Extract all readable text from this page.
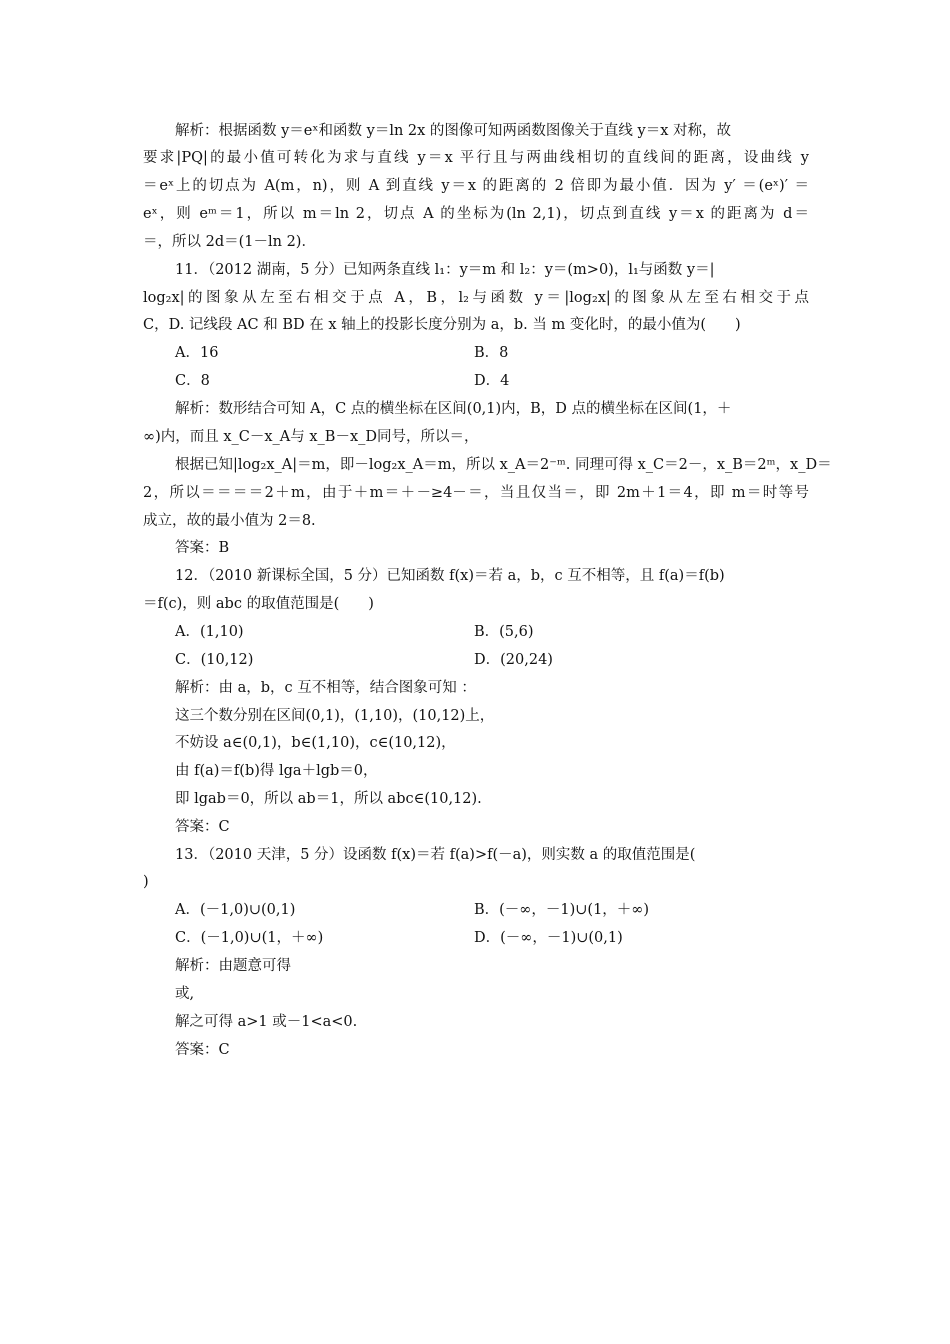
解析：根据函数 y＝eˣ和函数 y＝ln 2x 的图像可知两函数图像关于直线 y＝x 对称，故
要求|PQ|的最小值可转化为求与直线 y＝x 平行且与两曲线相切的直线间的距离，设曲线 y
＝eˣ上的切点为 A(m，n)，则 A 到直线 y＝x 的距离的 2 倍即为最小值．因为 y′ ＝(eˣ)′ ＝
eˣ，则 eᵐ＝1，所以 m＝ln 2，切点 A 的坐标为(ln 2,1)，切点到直线 y＝x 的距离为 d＝
＝，所以 2d＝(1－ln 2)．
11．（2012 湖南，5 分）已知两条直线 l₁：y＝m 和 l₂：y＝(m>0)，l₁与函数 y＝|
log₂x|的图象从左至右相交于点 A，B，l₂与函数 y＝|log₂x|的图象从左至右相交于点
C，D. 记线段 AC 和 BD 在 x 轴上的投影长度分别为 a，b. 当 m 变化时，的最小值为(　　)
A．16	B．8
C．8	D．4
解析：数形结合可知 A，C 点的横坐标在区间(0,1)内，B，D 点的横坐标在区间(1，＋
∞)内，而且 x_C－x_A与 x_B－x_D同号，所以＝，
根据已知|log₂x_A|＝m，即－log₂x_A＝m，所以 x_A＝2⁻ᵐ. 同理可得 x_C＝2－，x_B＝2ᵐ，x_D＝
2，所以＝＝＝＝2＋m，由于＋m＝＋－≥4－＝，当且仅当＝，即 2m＋1＝4，即 m＝时等号
成立，故的最小值为 2＝8.
答案：B
12．（2010 新课标全国，5 分）已知函数 f(x)＝若 a，b，c 互不相等，且 f(a)＝f(b)
＝f(c)，则 abc 的取值范围是(　　)
A．(1,10)	B．(5,6)
C．(10,12)	D．(20,24)
解析：由 a，b，c 互不相等，结合图象可知 ：
这三个数分别在区间(0,1)，(1,10)，(10,12)上，
不妨设 a∈(0,1)，b∈(1,10)，c∈(10,12)，
由 f(a)＝f(b)得 lga＋lgb＝0，
即 lgab＝0，所以 ab＝1，所以 abc∈(10,12).
答案：C
13．（2010 天津，5 分）设函数 f(x)＝若 f(a)>f(－a)，则实数 a 的取值范围是(
)
A．(－1,0)∪(0,1)	B．(－∞，－1)∪(1，＋∞)
C．(－1,0)∪(1，＋∞)	D．(－∞，－1)∪(0,1)
解析：由题意可得
或,
解之可得 a>1 或－1<a<0.
答案：C
